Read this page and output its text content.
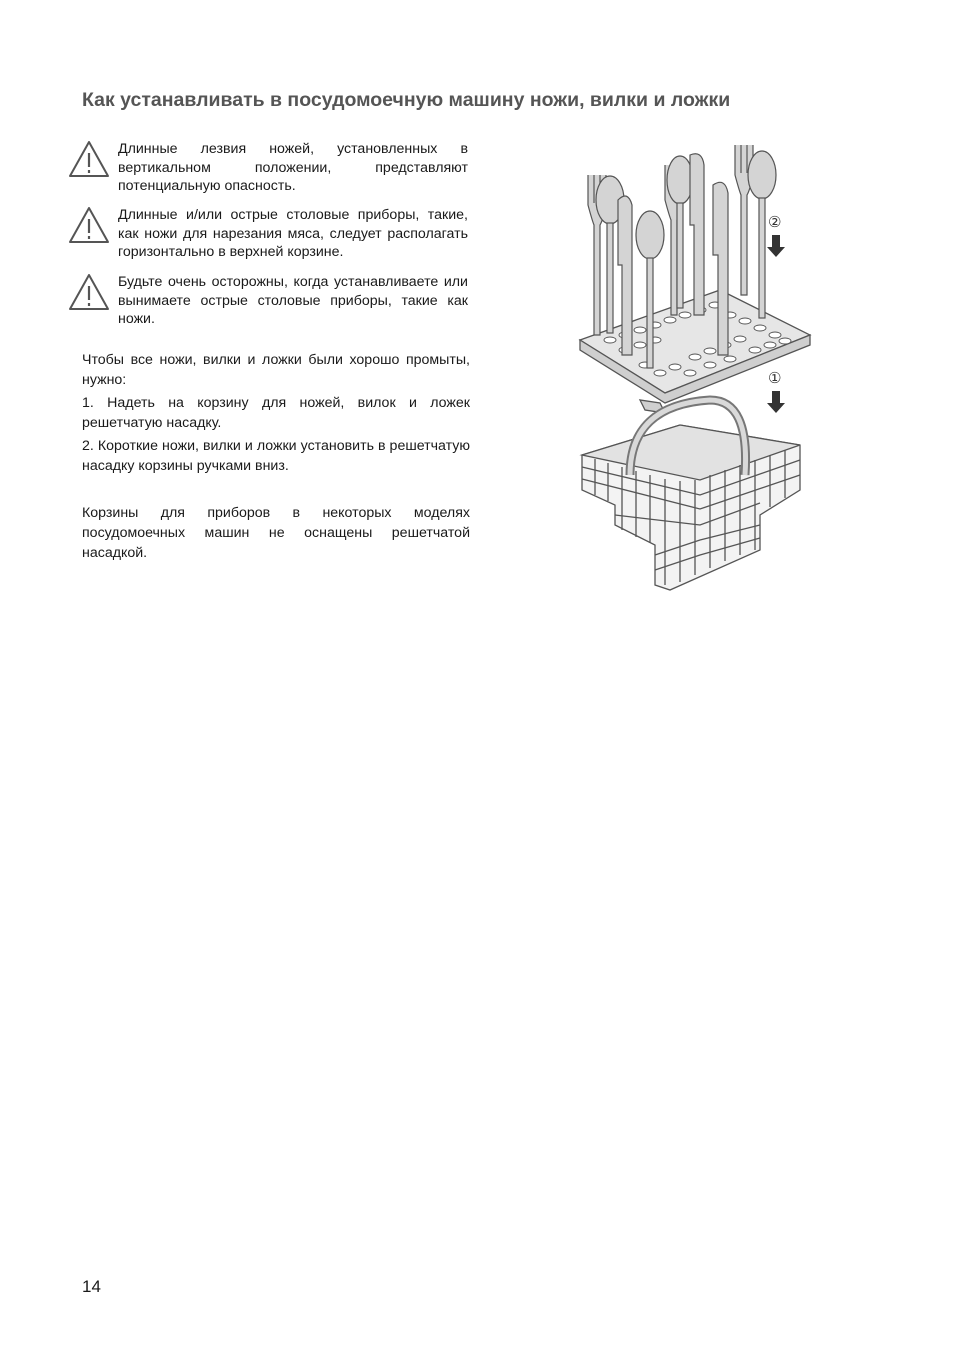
Как устанавливать в посудомоечную машину ножи, вилки и ложки
Длинные лезвия ножей, установленных в вертикальном положении, представляют потенциальную опасность.
Длинные и/или острые столовые приборы, такие, как ножи для нарезания мяса, следует располагать горизонтально в верхней корзине.
Будьте очень осторожны, когда устанавливаете или вынимаете острые столовые приборы, такие как ножи.

Чтобы все ножи, вилки и ложки были хорошо промыты, нужно:

1. Надеть на корзину для ножей, вилок и ложек решетчатую насадку.

2. Короткие ножи, вилки и ложки установить в решетчатую насадку корзины ручками вниз.

Корзины для приборов в некоторых моделях посудомоечных машин не оснащены решетчатой насадкой.

②
①
14
